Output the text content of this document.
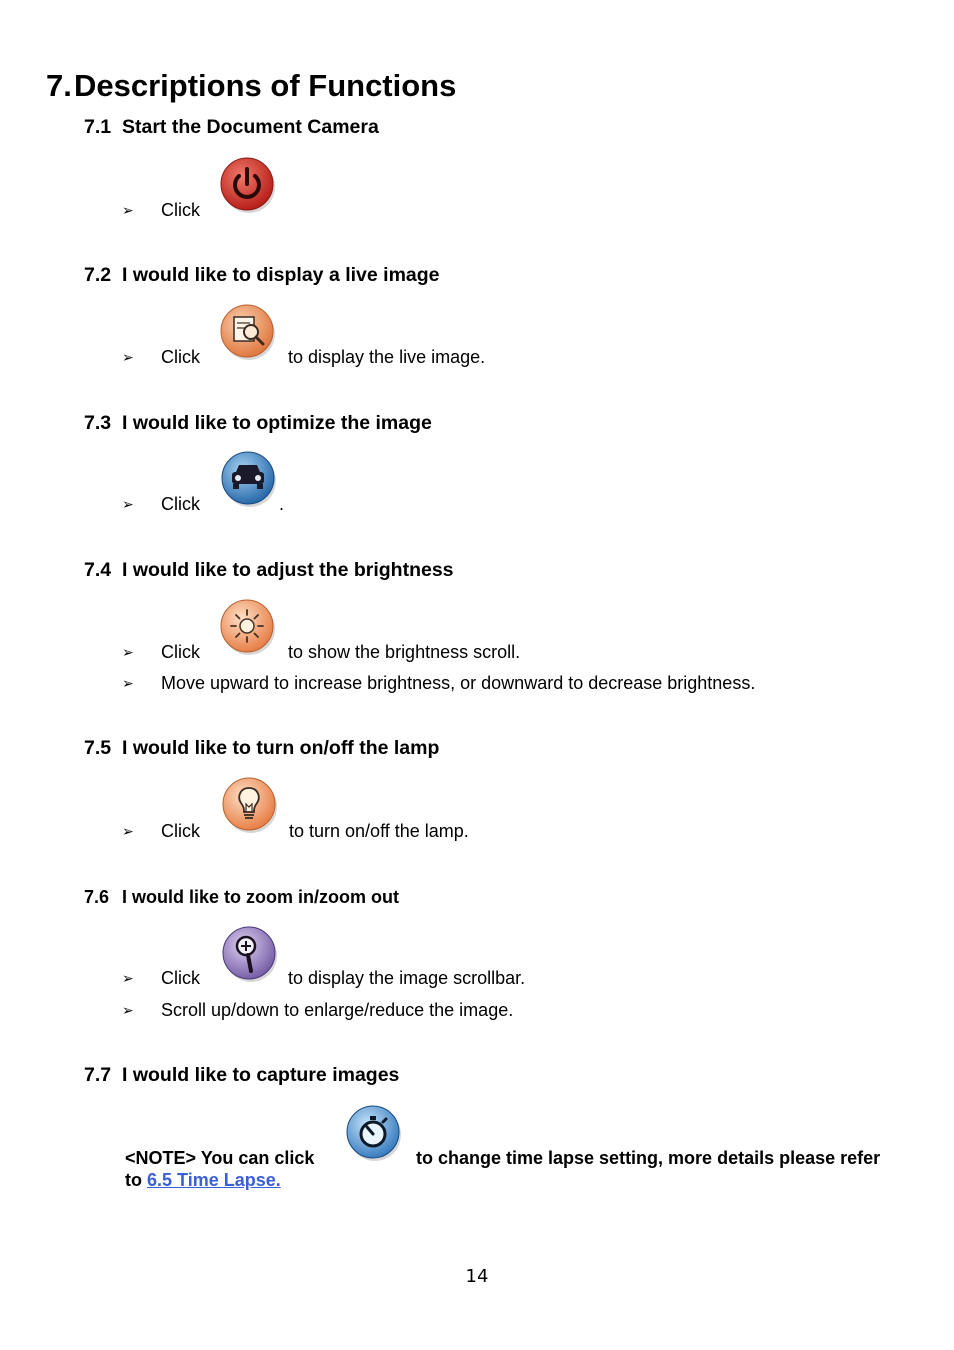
7.Descriptions of Functions
7.1 Start the Document Camera
➢ Click
7.2 I would like to display a live image
➢ Click	to display the live image.
7.3 I would like to optimize the image
➢ Click	.
7.4 I would like to adjust the brightness
➢ Click	to show the brightness scroll.
➢ Move upward to increase brightness, or downward to decrease brightness.
7.5 I would like to turn on/off the lamp
➢ Click	to turn on/off the lamp.
7.6 I would like to zoom in/zoom out
➢ Click	to display the image scrollbar.
➢ Scroll up/down to enlarge/reduce the image.
7.7 I would like to capture images
<NOTE> You can click	to change time lapse setting, more details please refer
to 6.5 Time Lapse.
14
